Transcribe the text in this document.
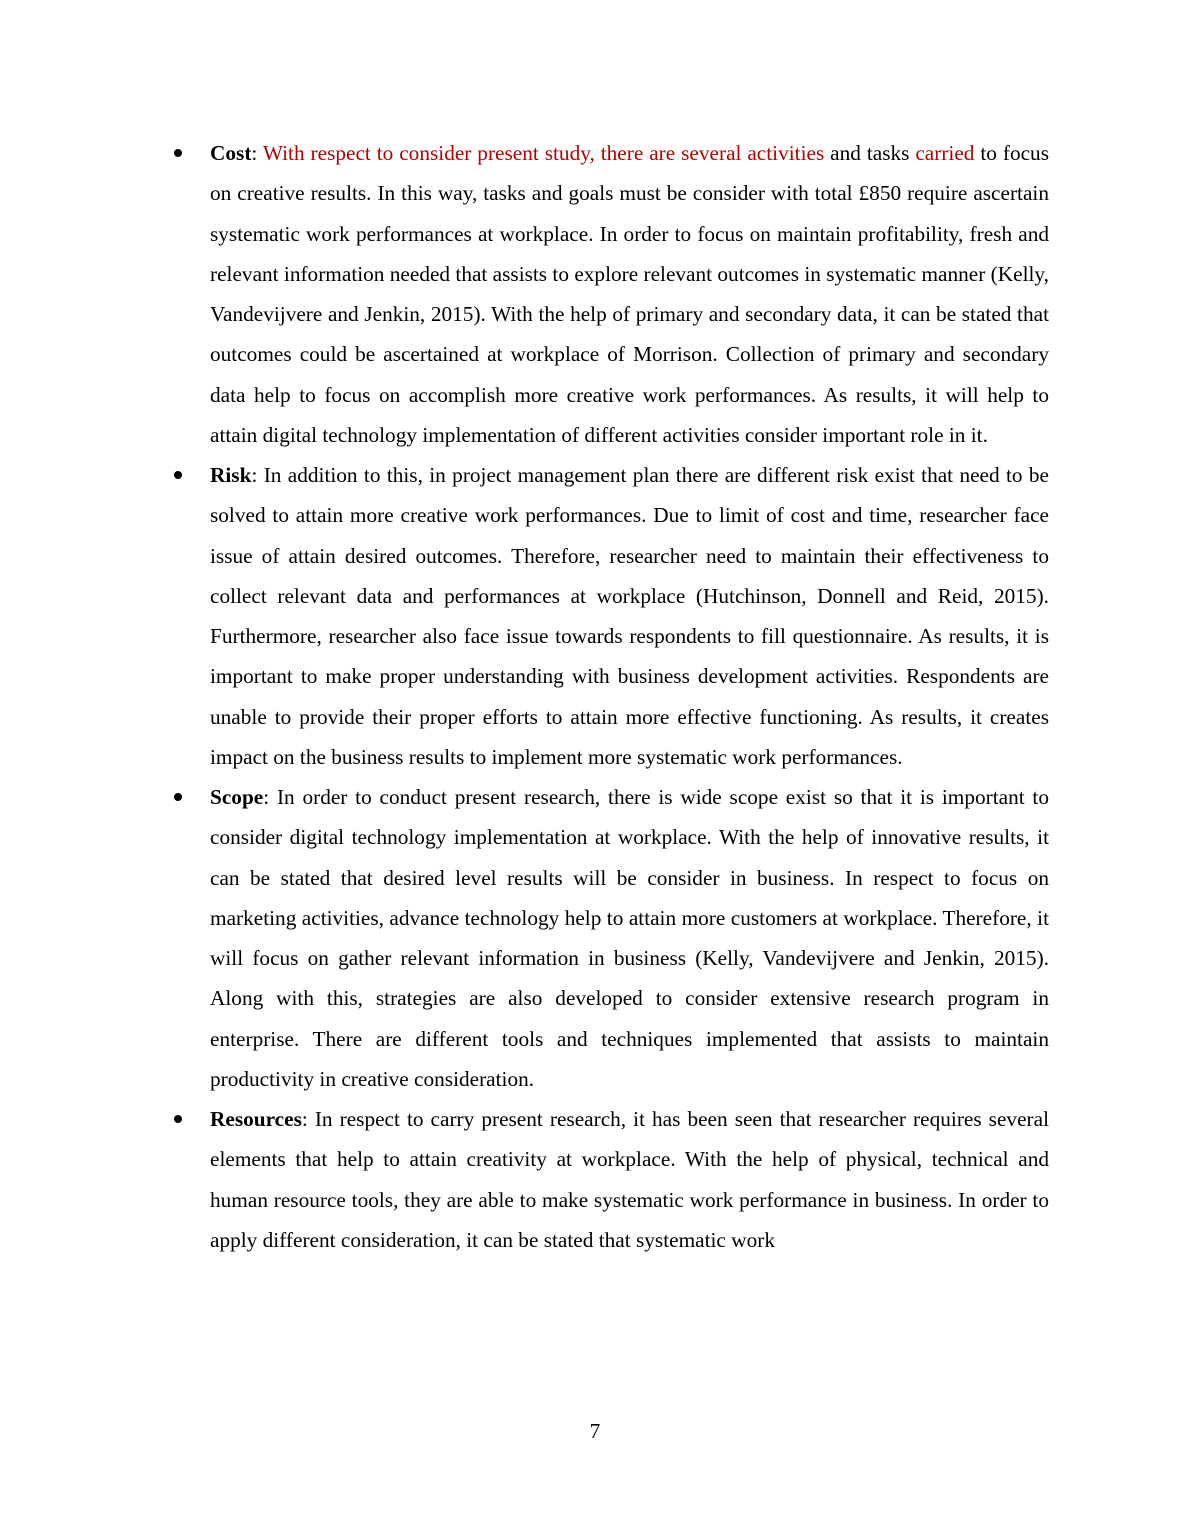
Cost: With respect to consider present study, there are several activities and tasks carried to focus on creative results. In this way, tasks and goals must be consider with total £850 require ascertain systematic work performances at workplace. In order to focus on maintain profitability, fresh and relevant information needed that assists to explore relevant outcomes in systematic manner (Kelly, Vandevijvere and Jenkin, 2015). With the help of primary and secondary data, it can be stated that outcomes could be ascertained at workplace of Morrison. Collection of primary and secondary data help to focus on accomplish more creative work performances. As results, it will help to attain digital technology implementation of different activities consider important role in it.
Risk: In addition to this, in project management plan there are different risk exist that need to be solved to attain more creative work performances. Due to limit of cost and time, researcher face issue of attain desired outcomes. Therefore, researcher need to maintain their effectiveness to collect relevant data and performances at workplace (Hutchinson, Donnell and Reid, 2015). Furthermore, researcher also face issue towards respondents to fill questionnaire. As results, it is important to make proper understanding with business development activities. Respondents are unable to provide their proper efforts to attain more effective functioning. As results, it creates impact on the business results to implement more systematic work performances.
Scope: In order to conduct present research, there is wide scope exist so that it is important to consider digital technology implementation at workplace. With the help of innovative results, it can be stated that desired level results will be consider in business. In respect to focus on marketing activities, advance technology help to attain more customers at workplace. Therefore, it will focus on gather relevant information in business (Kelly, Vandevijvere and Jenkin, 2015). Along with this, strategies are also developed to consider extensive research program in enterprise. There are different tools and techniques implemented that assists to maintain productivity in creative consideration.
Resources: In respect to carry present research, it has been seen that researcher requires several elements that help to attain creativity at workplace. With the help of physical, technical and human resource tools, they are able to make systematic work performance in business. In order to apply different consideration, it can be stated that systematic work
7
